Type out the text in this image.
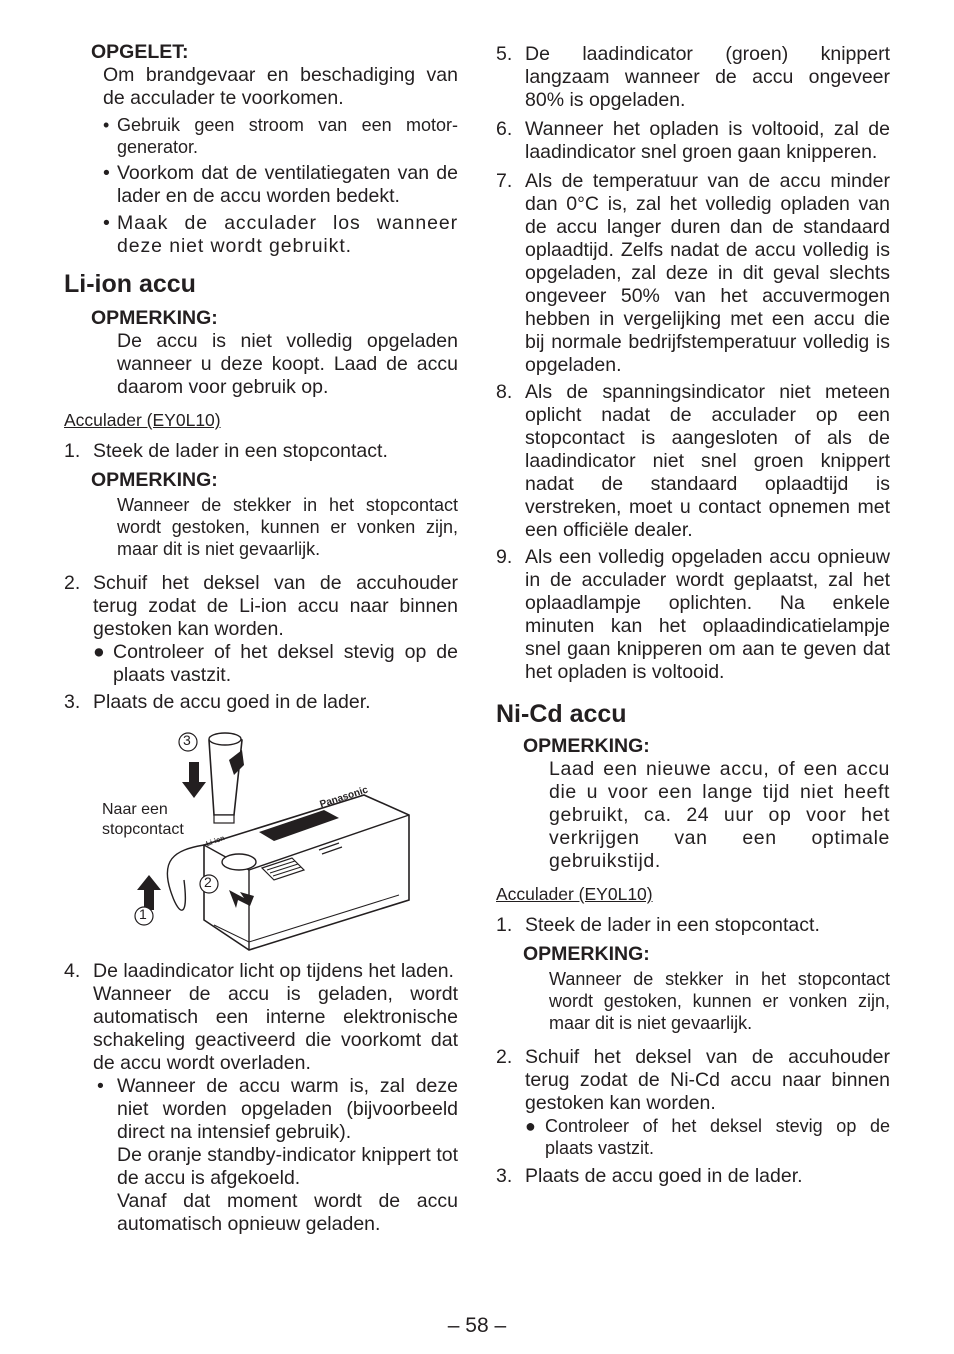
OPGELET:
Om brandgevaar en beschadiging van de acculader te voorkomen.
• Gebruik geen stroom van een motor-generator.
• Voorkom dat de ventilatiegaten van de lader en de accu worden bedekt.
• Maak de acculader los wanneer deze niet wordt gebruikt.
Li-ion accu
OPMERKING:
De accu is niet volledig opgeladen wanneer u deze koopt. Laad de accu daarom voor gebruik op.
Acculader (EY0L10)
1. Steek de lader in een stopcontact.
OPMERKING:
Wanneer de stekker in het stopcontact wordt gestoken, kunnen er vonken zijn, maar dit is niet gevaarlijk.
2. Schuif het deksel van de accuhouder terug zodat de Li-ion accu naar binnen gestoken kan worden.
● Controleer of het deksel stevig op de plaats vastzit.
3. Plaats de accu goed in de lader.
3
1
2
Naar een
stopcontact
Panasonic
Li-ion
4. De laadindicator licht op tijdens het laden.
Wanneer de accu is geladen, wordt automatisch een interne elektronische schakeling geactiveerd die voorkomt dat de accu wordt overladen.
• Wanneer de accu warm is, zal deze niet worden opgeladen (bijvoorbeeld direct na intensief gebruik).
De oranje standby-indicator knippert tot de accu is afgekoeld.
Vanaf dat moment wordt de accu automatisch opnieuw geladen.
5. De laadindicator (groen) knippert langzaam wanneer de accu ongeveer 80% is opgeladen.
6. Wanneer het opladen is voltooid, zal de laadindicator snel groen gaan knipperen.
7. Als de temperatuur van de accu minder dan 0°C is, zal het volledig opladen van de accu langer duren dan de standaard oplaadtijd. Zelfs nadat de accu volledig is opgeladen, zal deze in dit geval slechts ongeveer 50% van het accuvermogen hebben in vergelijking met een accu die bij normale bedrijfstemperatuur volledig is opgeladen.
8. Als de spanningsindicator niet meteen oplicht nadat de acculader op een stopcontact is aangesloten of als de laadindicator niet snel groen knippert nadat de standaard oplaadtijd is verstreken, moet u contact opnemen met een officiële dealer.
9. Als een volledig opgeladen accu opnieuw in de acculader wordt geplaatst, zal het oplaadlampje oplichten. Na enkele minuten kan het oplaadindicatielampje snel gaan knipperen om aan te geven dat het opladen is voltooid.
Ni-Cd accu
OPMERKING:
Laad een nieuwe accu, of een accu die u voor een lange tijd niet heeft gebruikt, ca. 24 uur op voor het verkrijgen van een optimale gebruikstijd.
Acculader (EY0L10)
1. Steek de lader in een stopcontact.
OPMERKING:
Wanneer de stekker in het stopcontact wordt gestoken, kunnen er vonken zijn, maar dit is niet gevaarlijk.
2. Schuif het deksel van de accuhouder terug zodat de Ni-Cd accu naar binnen gestoken kan worden.
● Controleer of het deksel stevig op de plaats vastzit.
3. Plaats de accu goed in de lader.
– 58 –
